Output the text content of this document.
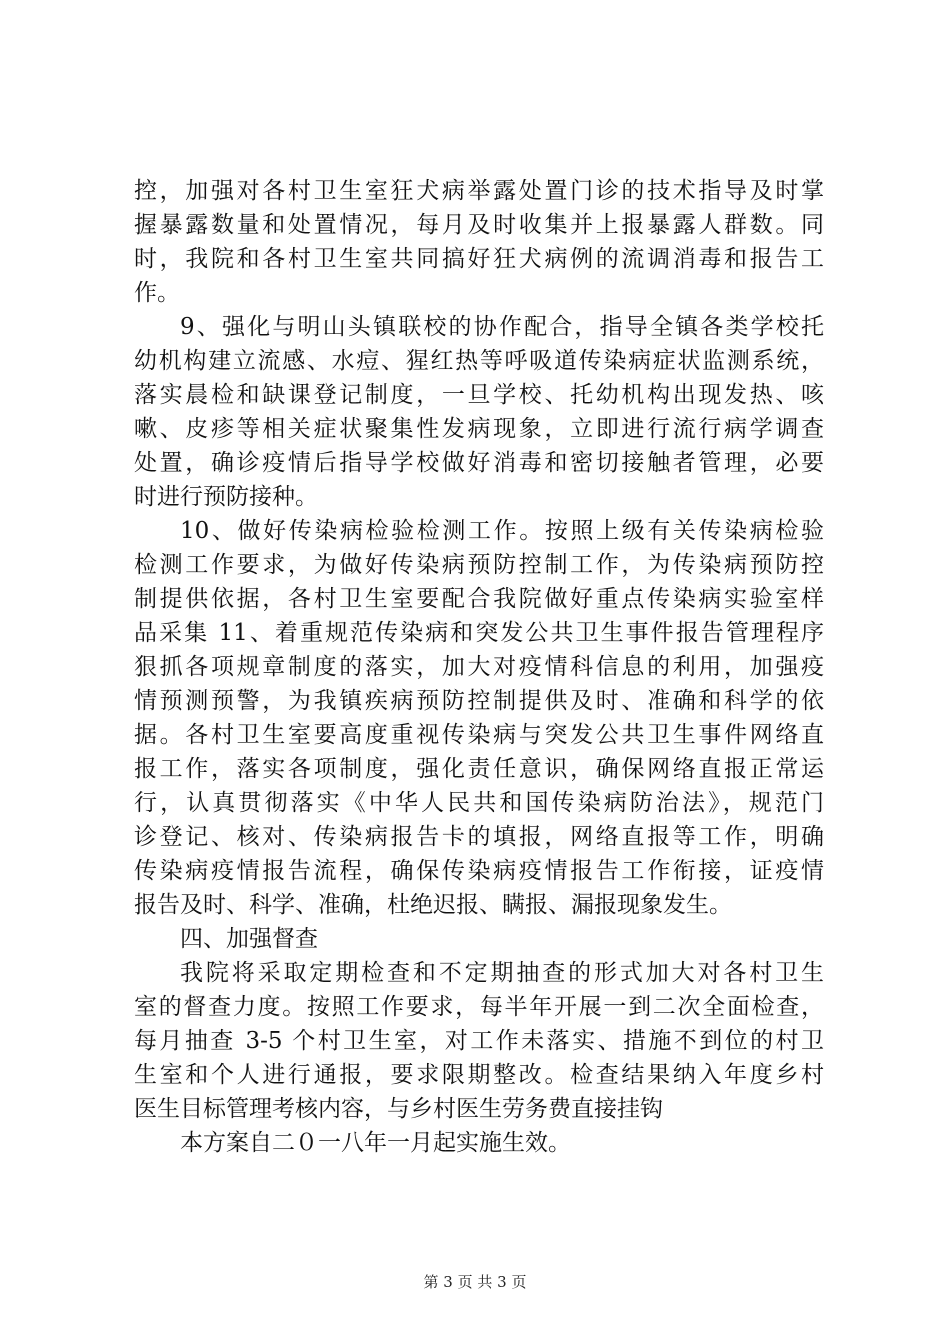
控，加强对各村卫生室狂犬病举露处置门诊的技术指导及时掌
握暴露数量和处置情况，每月及时收集并上报暴露人群数。同
时，我院和各村卫生室共同搞好狂犬病例的流调消毒和报告工
作。
9、强化与明山头镇联校的协作配合，指导全镇各类学校托
幼机构建立流感、水痘、猩红热等呼吸道传染病症状监测系统，
落实晨检和缺课登记制度，一旦学校、托幼机构出现发热、咳
嗽、皮疹等相关症状聚集性发病现象，立即进行流行病学调查
处置，确诊疫情后指导学校做好消毒和密切接触者管理，必要
时进行预防接种。
10、做好传染病检验检测工作。按照上级有关传染病检验
检测工作要求，为做好传染病预防控制工作，为传染病预防控
制提供依据，各村卫生室要配合我院做好重点传染病实验室样
品采集 11、着重规范传染病和突发公共卫生事件报告管理程序
狠抓各项规章制度的落实，加大对疫情科信息的利用，加强疫
情预测预警，为我镇疾病预防控制提供及时、准确和科学的依
据。各村卫生室要高度重视传染病与突发公共卫生事件网络直
报工作，落实各项制度，强化责任意识，确保网络直报正常运
行，认真贯彻落实《中华人民共和国传染病防治法》，规范门
诊登记、核对、传染病报告卡的填报，网络直报等工作，明确
传染病疫情报告流程，确保传染病疫情报告工作衔接，证疫情
报告及时、科学、准确，杜绝迟报、瞒报、漏报现象发生。
四、加强督查
我院将采取定期检查和不定期抽查的形式加大对各村卫生
室的督查力度。按照工作要求，每半年开展一到二次全面检查，
每月抽查 3-5 个村卫生室，对工作未落实、措施不到位的村卫
生室和个人进行通报，要求限期整改。检查结果纳入年度乡村
医生目标管理考核内容，与乡村医生劳务费直接挂钩
本方案自二０一八年一月起实施生效。
第 3 页 共 3 页
